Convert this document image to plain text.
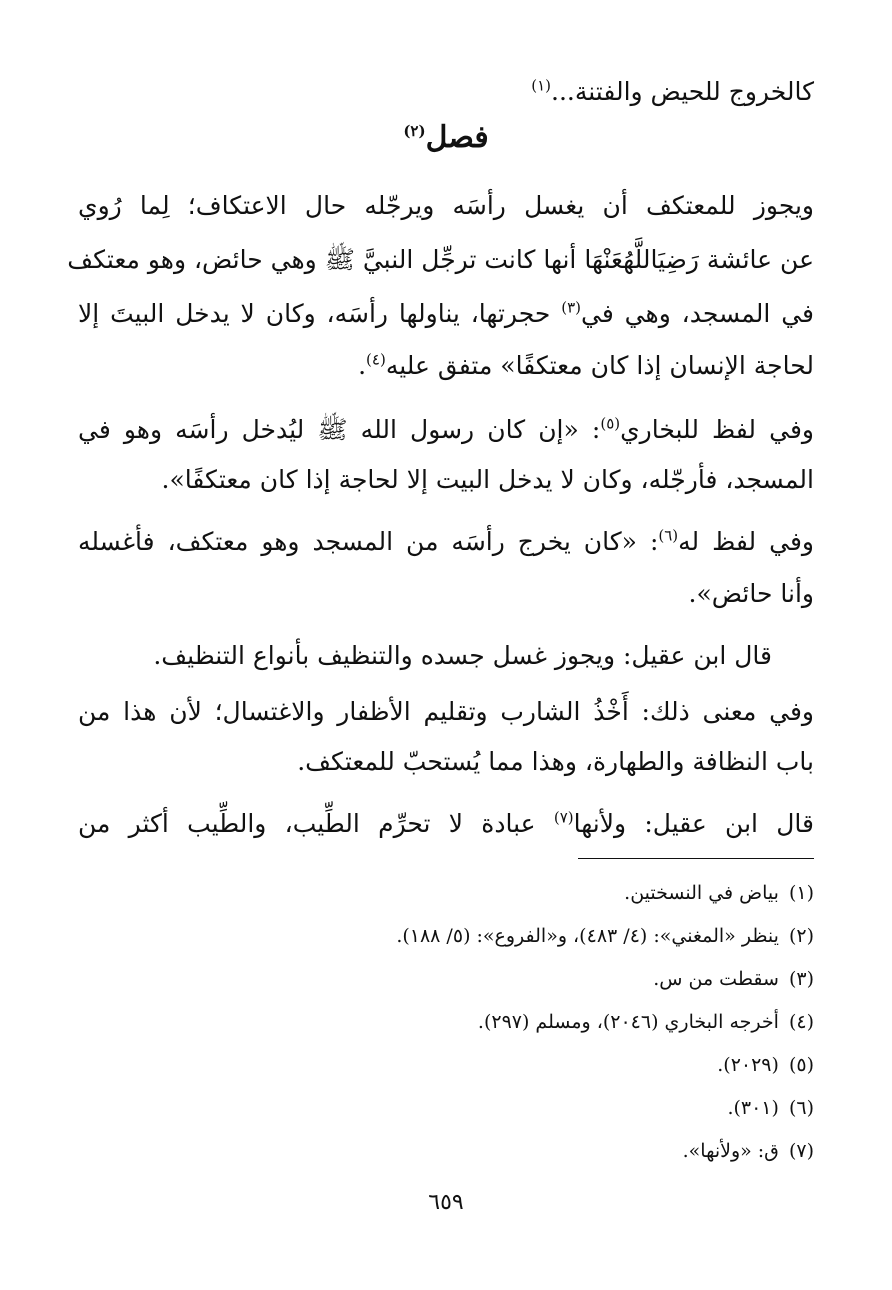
كالخروج للحيض والفتنة...$^{(١)}$
فصل$^{(٢)}$
ويجوز للمعتكف أن يغسل رأسَه ويرجّله حال الاعتكاف؛ لِما رُوي
عن عائشة رَضِيَاللَّهُعَنْهَا أنها كانت ترجِّل النبيَّ ﷺ وهي حائض، وهو معتكف
في المسجد، وهي في$^{(٣)}$ حجرتها، يناولها رأسَه، وكان لا يدخل البيتَ إلا
لحاجة الإنسان إذا كان معتكفًا» متفق عليه$^{(٤)}$.
وفي لفظ للبخاري$^{(٥)}$: «إن كان رسول الله ﷺ ليُدخل رأسَه وهو في
المسجد، فأرجّله، وكان لا يدخل البيت إلا لحاجة إذا كان معتكفًا».
وفي لفظ له$^{(٦)}$: «كان يخرج رأسَه من المسجد وهو معتكف، فأغسله
وأنا حائض».
قال ابن عقيل: ويجوز غسل جسده والتنظيف بأنواع التنظيف.
وفي معنى ذلك: أَخْذُ الشارب وتقليم الأظفار والاغتسال؛ لأن هذا من
باب النظافة والطهارة، وهذا مما يُستحبّ للمعتكف.
قال ابن عقيل: ولأنها$^{(٧)}$ عبادة لا تحرِّم الطِّيب، والطِّيب أكثر من
(١)بياض في النسختين.
(٢)ينظر «المغني»: (٤/ ٤٨٣)، و«الفروع»: (٥/ ١٨٨).
(٣)سقطت من س.
(٤)أخرجه البخاري (٢٠٤٦)، ومسلم (٢٩٧).
(٥)(٢٠٢٩).
(٦)(٣٠١).
(٧)ق: «ولأنها».
٦٥٩
